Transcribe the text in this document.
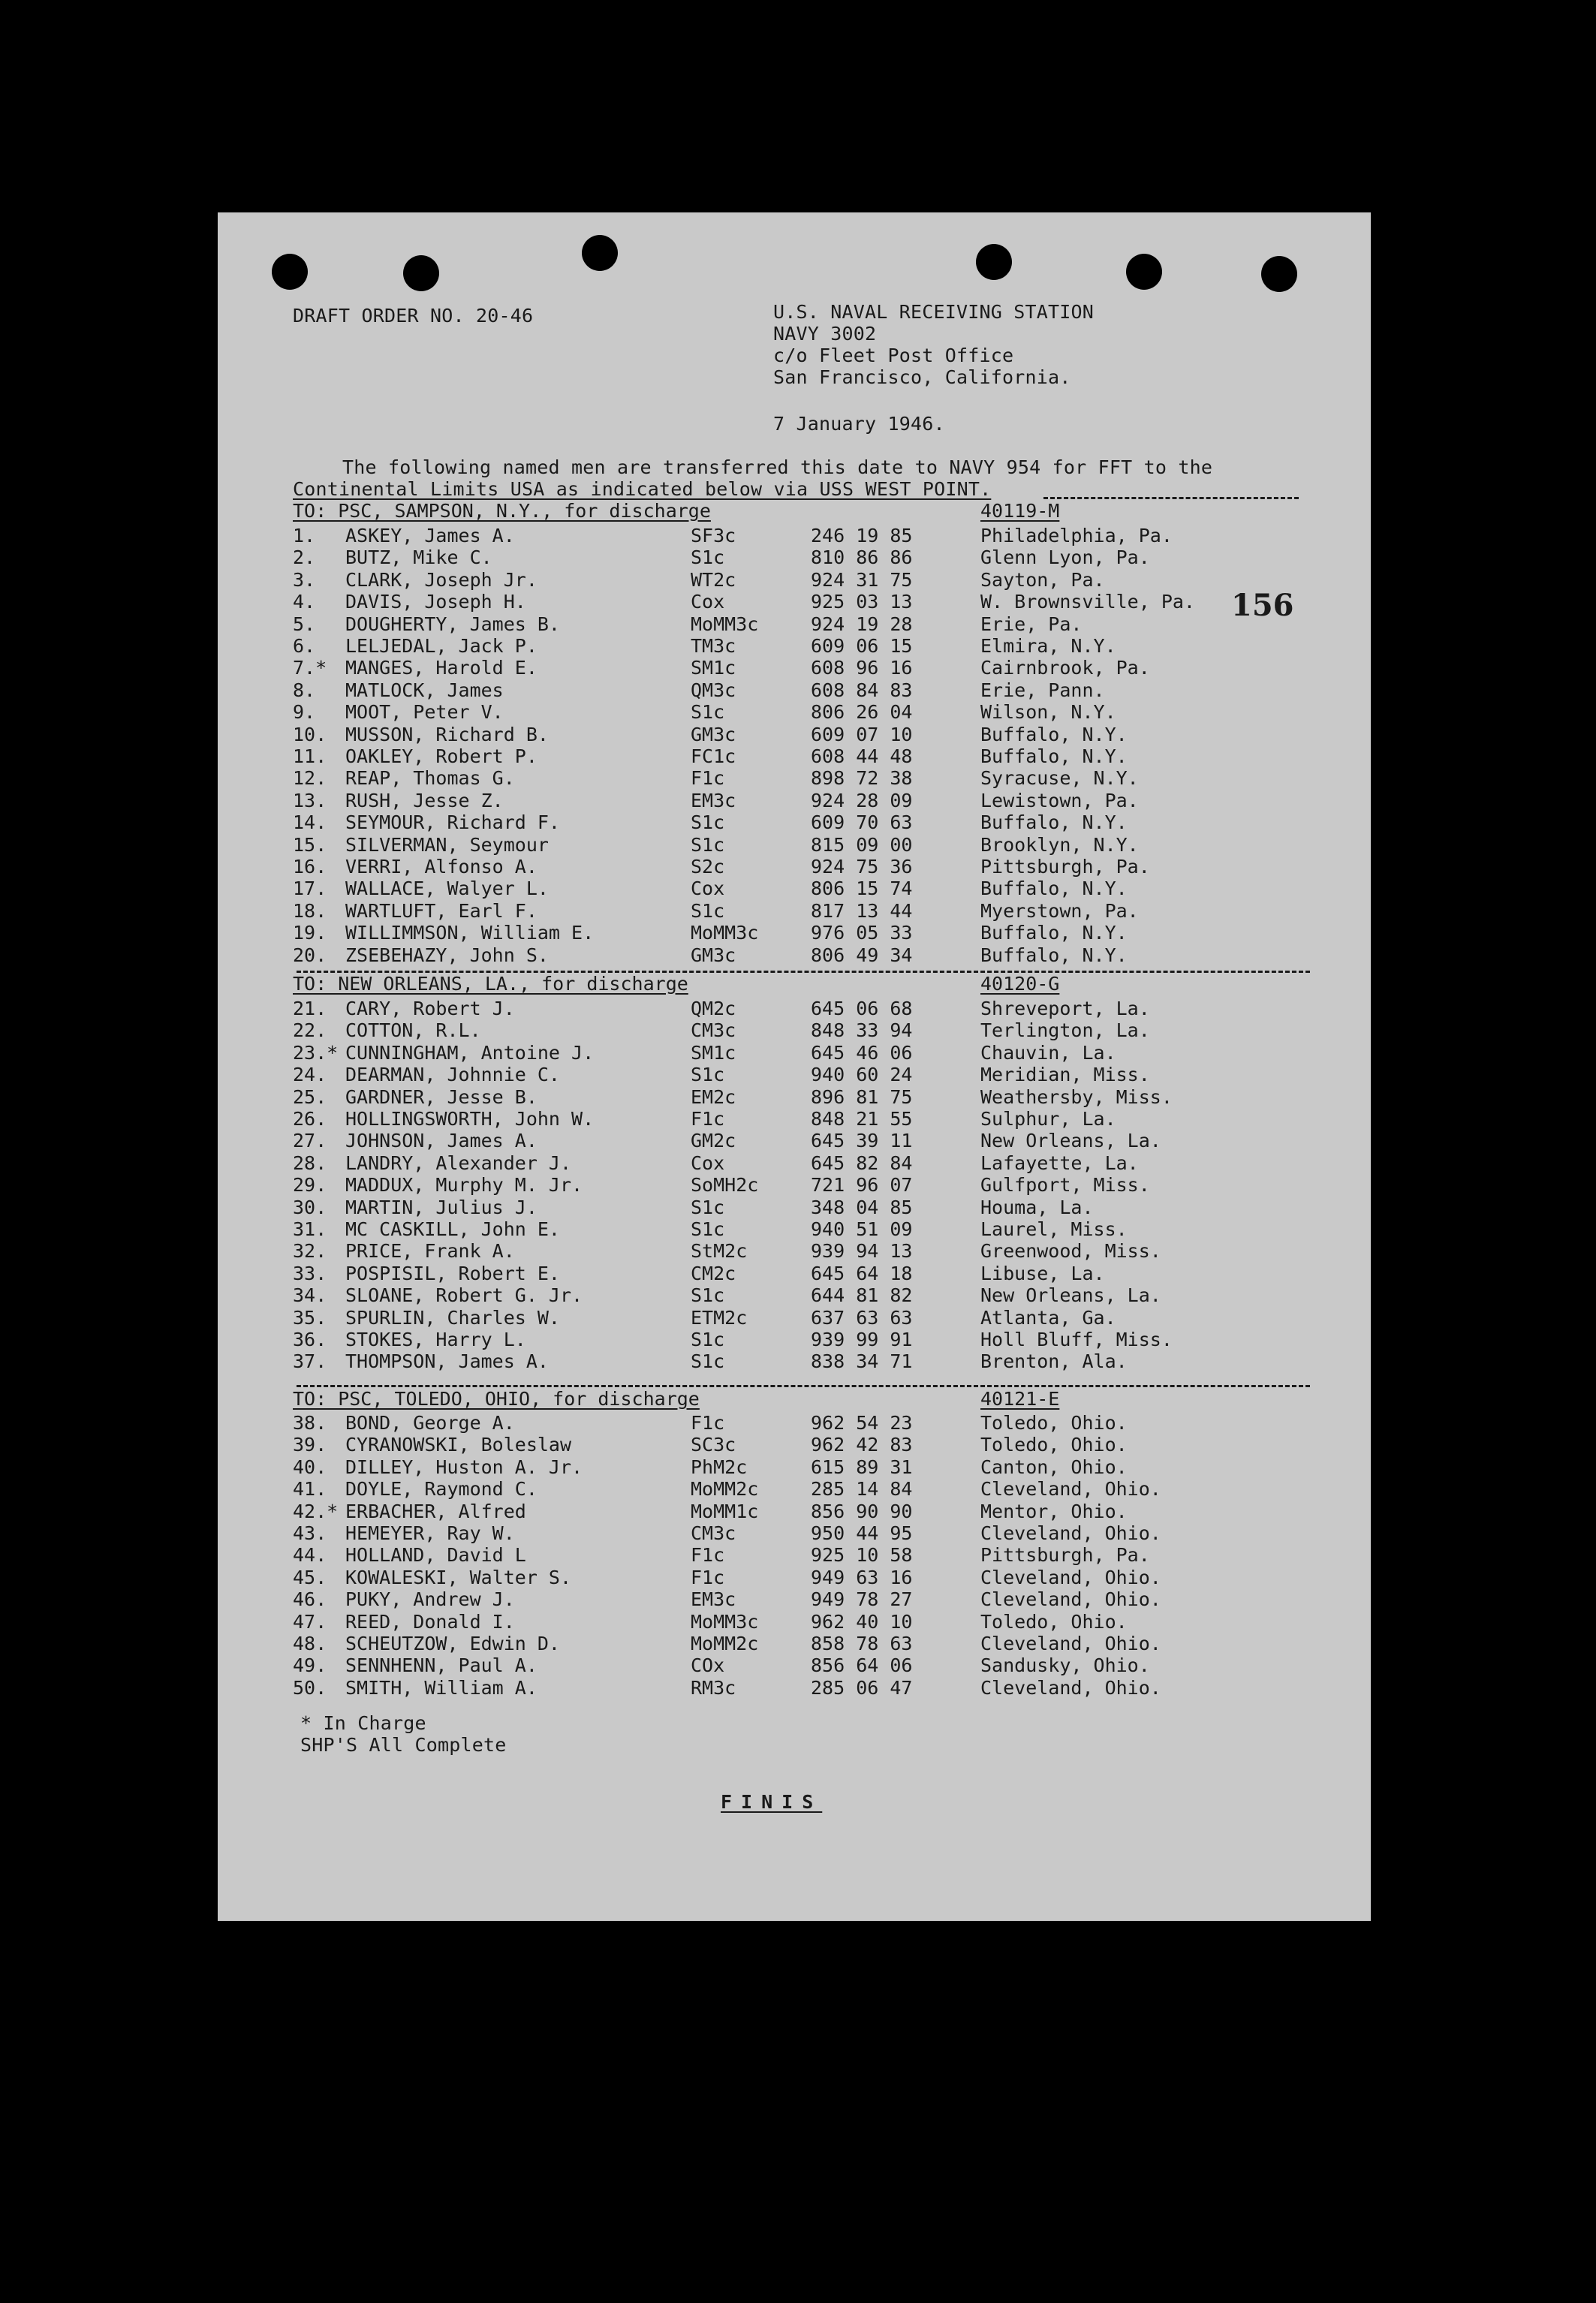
156
DRAFT ORDER NO. 20-46	U.S. NAVAL RECEIVING STATION
NAVY 3002
c/o Fleet Post Office
San Francisco, California.
7 January 1946.
The following named men are transferred this date to NAVY 954 for FFT to the
Continental Limits USA as indicated below via USS WEST POINT.
TO: PSC, SAMPSON, N.Y., for discharge	40119-M
1. ASKEY, James A.	SF3c	246 19 85	Philadelphia, Pa.
2. BUTZ, Mike C.	S1c	810 86 86	Glenn Lyon, Pa.
3. CLARK, Joseph Jr.	WT2c	924 31 75	Sayton, Pa.
4. DAVIS, Joseph H.	Cox	925 03 13	W. Brownsville, Pa.
5. DOUGHERTY, James B.	MoMM3c	924 19 28	Erie, Pa.
6. LELJEDAL, Jack P.	TM3c	609 06 15	Elmira, N.Y.
7.* MANGES, Harold E.	SM1c	608 96 16	Cairnbrook, Pa.
8. MATLOCK, James	QM3c	608 84 83	Erie, Pann.
9. MOOT, Peter V.	S1c	806 26 04	Wilson, N.Y.
10. MUSSON, Richard B.	GM3c	609 07 10	Buffalo, N.Y.
11. OAKLEY, Robert P.	FC1c	608 44 48	Buffalo, N.Y.
12. REAP, Thomas G.	F1c	898 72 38	Syracuse, N.Y.
13. RUSH, Jesse Z.	EM3c	924 28 09	Lewistown, Pa.
14. SEYMOUR, Richard F.	S1c	609 70 63	Buffalo, N.Y.
15. SILVERMAN, Seymour	S1c	815 09 00	Brooklyn, N.Y.
16. VERRI, Alfonso A.	S2c	924 75 36	Pittsburgh, Pa.
17. WALLACE, Walyer L.	Cox	806 15 74	Buffalo, N.Y.
18. WARTLUFT, Earl F.	S1c	817 13 44	Myerstown, Pa.
19. WILLIMMSON, William E.	MoMM3c	976 05 33	Buffalo, N.Y.
20. ZSEBEHAZY, John S.	GM3c	806 49 34	Buffalo, N.Y.
TO: NEW ORLEANS, LA., for discharge	40120-G
21. CARY, Robert J.	QM2c	645 06 68	Shreveport, La.
22. COTTON, R.L.	CM3c	848 33 94	Terlington, La.
23.* CUNNINGHAM, Antoine J.	SM1c	645 46 06	Chauvin, La.
24. DEARMAN, Johnnie C.	S1c	940 60 24	Meridian, Miss.
25. GARDNER, Jesse B.	EM2c	896 81 75	Weathersby, Miss.
26. HOLLINGSWORTH, John W.	F1c	848 21 55	Sulphur, La.
27. JOHNSON, James A.	GM2c	645 39 11	New Orleans, La.
28. LANDRY, Alexander J.	Cox	645 82 84	Lafayette, La.
29. MADDUX, Murphy M. Jr.	SoMH2c	721 96 07	Gulfport, Miss.
30. MARTIN, Julius J.	S1c	348 04 85	Houma, La.
31. MC CASKILL, John E.	S1c	940 51 09	Laurel, Miss.
32. PRICE, Frank A.	StM2c	939 94 13	Greenwood, Miss.
33. POSPISIL, Robert E.	CM2c	645 64 18	Libuse, La.
34. SLOANE, Robert G. Jr.	S1c	644 81 82	New Orleans, La.
35. SPURLIN, Charles W.	ETM2c	637 63 63	Atlanta, Ga.
36. STOKES, Harry L.	S1c	939 99 91	Holl Bluff, Miss.
37. THOMPSON, James A.	S1c	838 34 71	Brenton, Ala.
TO: PSC, TOLEDO, OHIO, for discharge	40121-E
38. BOND, George A.	F1c	962 54 23	Toledo, Ohio.
39. CYRANOWSKI, Boleslaw	SC3c	962 42 83	Toledo, Ohio.
40. DILLEY, Huston A. Jr.	PhM2c	615 89 31	Canton, Ohio.
41. DOYLE, Raymond C.	MoMM2c	285 14 84	Cleveland, Ohio.
42.* ERBACHER, Alfred	MoMM1c	856 90 90	Mentor, Ohio.
43. HEMEYER, Ray W.	CM3c	950 44 95	Cleveland, Ohio.
44. HOLLAND, David L	F1c	925 10 58	Pittsburgh, Pa.
45. KOWALESKI, Walter S.	F1c	949 63 16	Cleveland, Ohio.
46. PUKY, Andrew J.	EM3c	949 78 27	Cleveland, Ohio.
47. REED, Donald I.	MoMM3c	962 40 10	Toledo, Ohio.
48. SCHEUTZOW, Edwin D.	MoMM2c	858 78 63	Cleveland, Ohio.
49. SENNHENN, Paul A.	COx	856 64 06	Sandusky, Ohio.
50. SMITH, William A.	RM3c	285 06 47	Cleveland, Ohio.
* In Charge
SHP'S All Complete
FINIS
